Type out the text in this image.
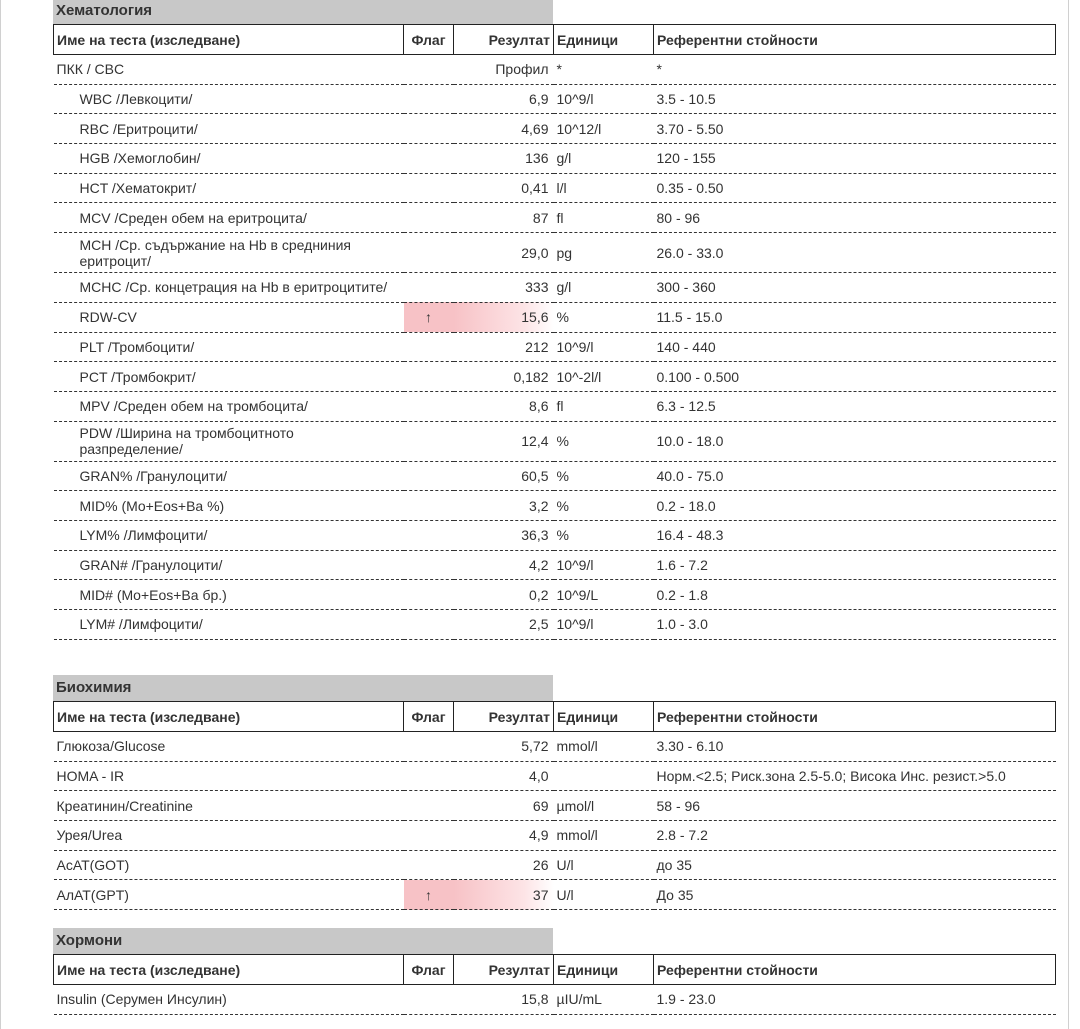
Хематология
Име на теста (изследване)	Флаг	Резултат	Единици	Референтни стойности
ПКК / CBC		Профил	*	*
WBC /Левкоцити/		6,9	10^9/l	3.5 - 10.5
RBC /Еритроцити/		4,69	10^12/l	3.70 - 5.50
HGB /Хемоглобин/		136	g/l	120 - 155
HCT /Хематокрит/		0,41	l/l	0.35 - 0.50
MCV /Среден обем на еритроцита/		87	fl	80 - 96
MCH /Ср. съдържание на Hb в средниния еритроцит/		29,0	pg	26.0 - 33.0
MCHC /Ср. концетрация на Hb в еритроцитите/		333	g/l	300 - 360
RDW-CV	↑	15,6	%	11.5 - 15.0
PLT /Тромбоцити/		212	10^9/l	140 - 440
PCT /Тромбокрит/		0,182	10^-2l/l	0.100 - 0.500
MPV /Среден обем на тромбоцита/		8,6	fl	6.3 - 12.5
PDW /Ширина на тромбоцитното разпределение/		12,4	%	10.0 - 18.0
GRAN% /Гранулоцити/		60,5	%	40.0 - 75.0
MID% (Mo+Eos+Ba %)		3,2	%	0.2 - 18.0
LYM% /Лимфоцити/		36,3	%	16.4 - 48.3
GRAN# /Гранулоцити/		4,2	10^9/l	1.6 - 7.2
MID# (Mo+Eos+Ba бр.)		0,2	10^9/L	0.2 - 1.8
LYM# /Лимфоцити/		2,5	10^9/l	1.0 - 3.0
Биохимия
Име на теста (изследване)	Флаг	Резултат	Единици	Референтни стойности
Глюкоза/Glucose		5,72	mmol/l	3.30 - 6.10
HOMA - IR		4,0		Норм.<2.5; Риск.зона 2.5-5.0; Висока Инс. резист.>5.0
Креатинин/Creatinine		69	µmol/l	58 - 96
Урея/Urea		4,9	mmol/l	2.8 - 7.2
АсАТ(GOT)		26	U/l	до 35
АлАТ(GPT)	↑	37	U/l	До 35
Хормони
Име на теста (изследване)	Флаг	Резултат	Единици	Референтни стойности
Insulin (Серумен Инсулин)		15,8	µIU/mL	1.9 - 23.0
